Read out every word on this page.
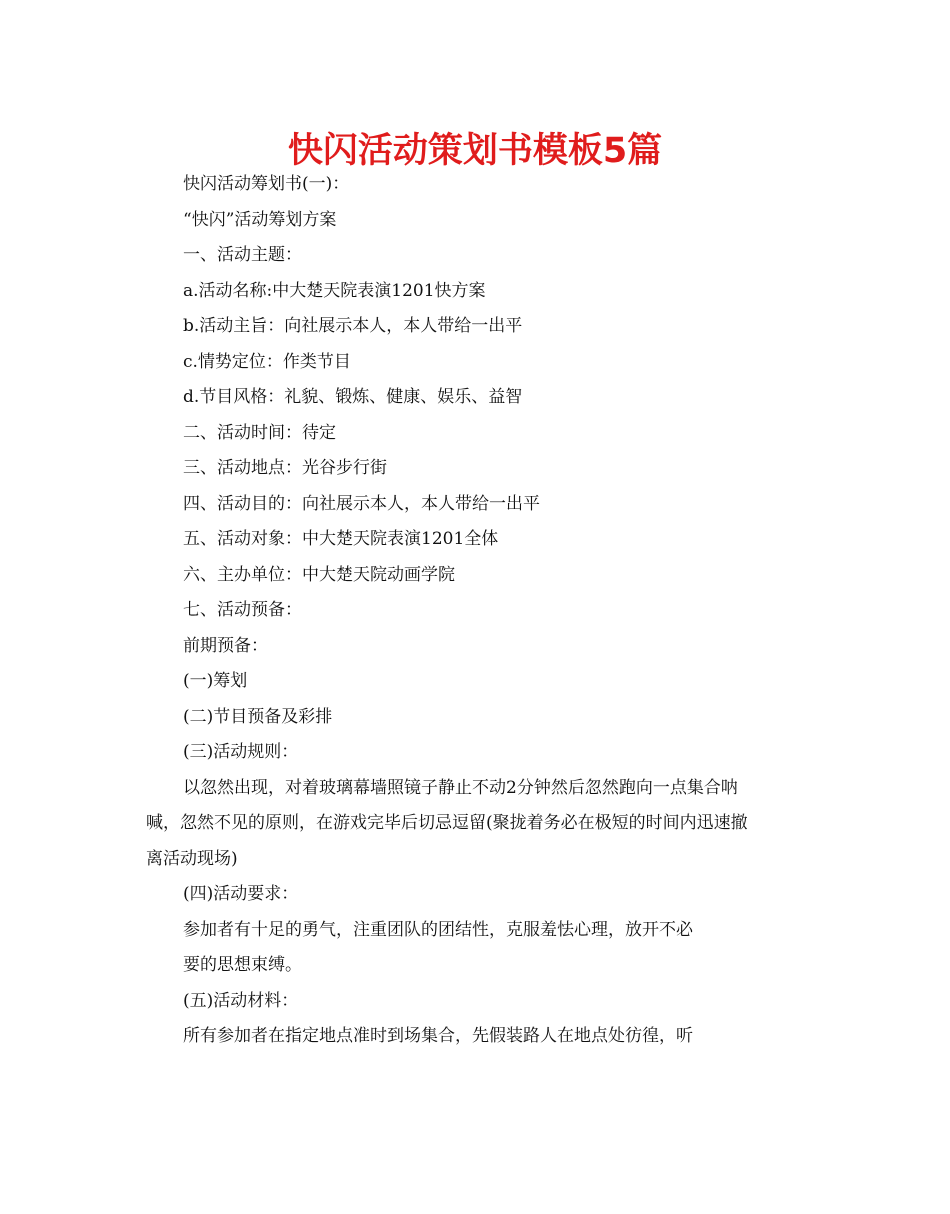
快闪活动策划书模板5篇
快闪活动筹划书(一)：
“快闪”活动筹划方案
一、活动主题：
a.活动名称:中大楚天院表演1201快方案
b.活动主旨：向社展示本人，本人带给一出平
c.情势定位：作类节目
d.节目风格：礼貌、锻炼、健康、娱乐、益智
二、活动时间：待定
三、活动地点：光谷步行街
四、活动目的：向社展示本人，本人带给一出平
五、活动对象：中大楚天院表演1201全体
六、主办单位：中大楚天院动画学院
七、活动预备：
前期预备：
(一)筹划
(二)节目预备及彩排
(三)活动规则：
以忽然出现，对着玻璃幕墙照镜子静止不动2分钟然后忽然跑向一点集合呐
喊，忽然不见的原则，在游戏完毕后切忌逗留(聚拢着务必在极短的时间内迅速撤
离活动现场)
(四)活动要求：
参加者有十足的勇气，注重团队的团结性，克服羞怯心理，放开不必
要的思想束缚。
(五)活动材料：
所有参加者在指定地点准时到场集合，先假装路人在地点处彷徨，听
